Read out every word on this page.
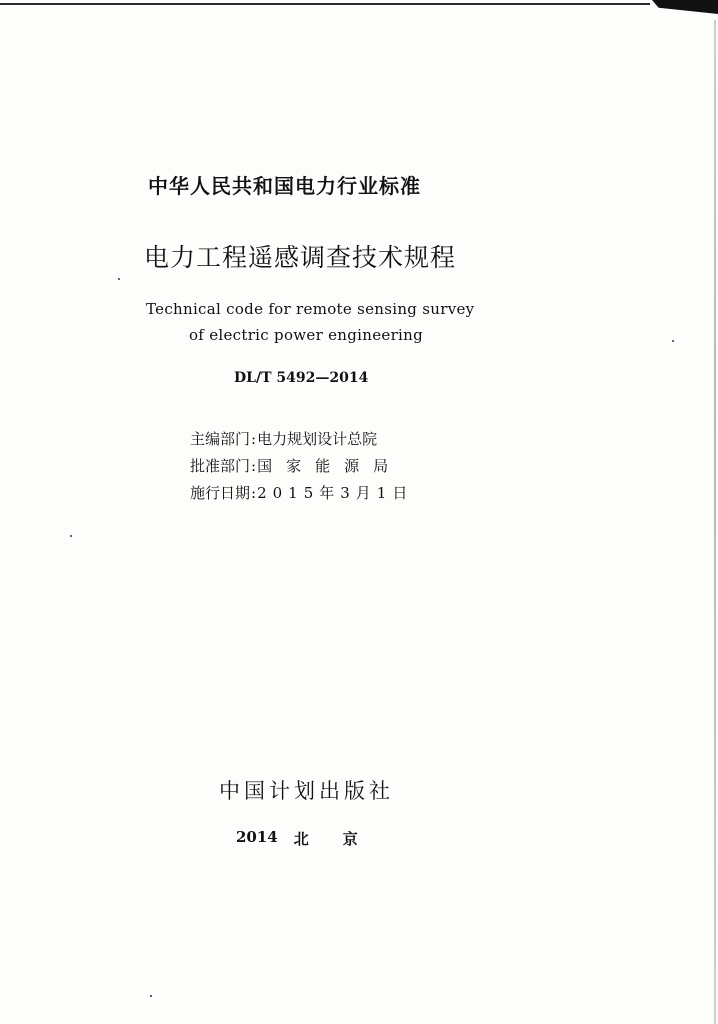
中华人民共和国电力行业标准
电力工程遥感调查技术规程
Technical code for remote sensing survey
of electric power engineering
DL/T 5492—2014
主编部门 : 电力规划设计总院
批准部门 : 国家能源局
施行日期 : 2015年3月1日
中国计划出版社
2014 北京
